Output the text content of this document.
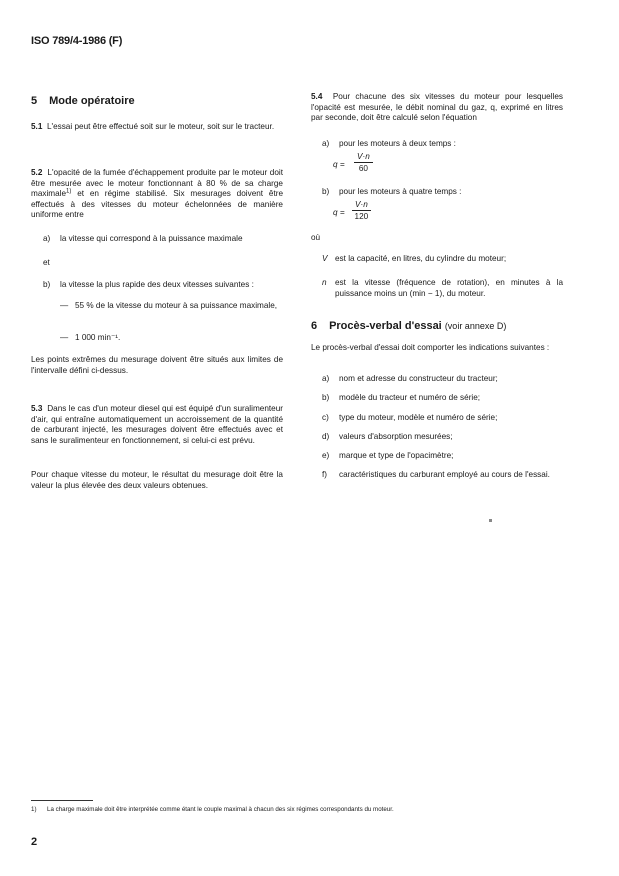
ISO 789/4-1986 (F)
5 Mode opératoire
5.1 L'essai peut être effectué soit sur le moteur, soit sur le tracteur.
5.2 L'opacité de la fumée d'échappement produite par le moteur doit être mesurée avec le moteur fonctionnant à 80 % de sa charge maximale$^{1)}$ et en régime stabilisé. Six mesurages doivent être effectués à des vitesses du moteur échelonnées de manière uniforme entre
a) la vitesse qui correspond à la puissance maximale
et
b) la vitesse la plus rapide des deux vitesses suivantes :
— 55 % de la vitesse du moteur à sa puissance maximale,
— 1 000 min⁻¹.
Les points extrêmes du mesurage doivent être situés aux limites de l'intervalle défini ci-dessus.
5.3 Dans le cas d'un moteur diesel qui est équipé d'un suralimenteur d'air, qui entraîne automatiquement un accroissement de la quantité de carburant injecté, les mesurages doivent être effectués avec et sans le suralimenteur en fonctionnement, si celui-ci est prévu.
Pour chaque vitesse du moteur, le résultat du mesurage doit être la valeur la plus élevée des deux valeurs obtenues.
5.4 Pour chacune des six vitesses du moteur pour lesquelles l'opacité est mesurée, le débit nominal du gaz, q, exprimé en litres par seconde, doit être calculé selon l'équation
a) pour les moteurs à deux temps :
$q = \frac{V\cdot n}{60}$
b) pour les moteurs à quatre temps :
$q = \frac{V\cdot n}{120}$
où
V est la capacité, en litres, du cylindre du moteur;
n est la vitesse (fréquence de rotation), en minutes à la puissance moins un (min − 1), du moteur.
6 Procès-verbal d'essai (voir annexe D)
Le procès-verbal d'essai doit comporter les indications suivantes :
a) nom et adresse du constructeur du tracteur;
b) modèle du tracteur et numéro de série;
c) type du moteur, modèle et numéro de série;
d) valeurs d'absorption mesurées;
e) marque et type de l'opacimètre;
f) caractéristiques du carburant employé au cours de l'essai.
1) La charge maximale doit être interprétée comme étant le couple maximal à chacun des six régimes correspondants du moteur.
2
